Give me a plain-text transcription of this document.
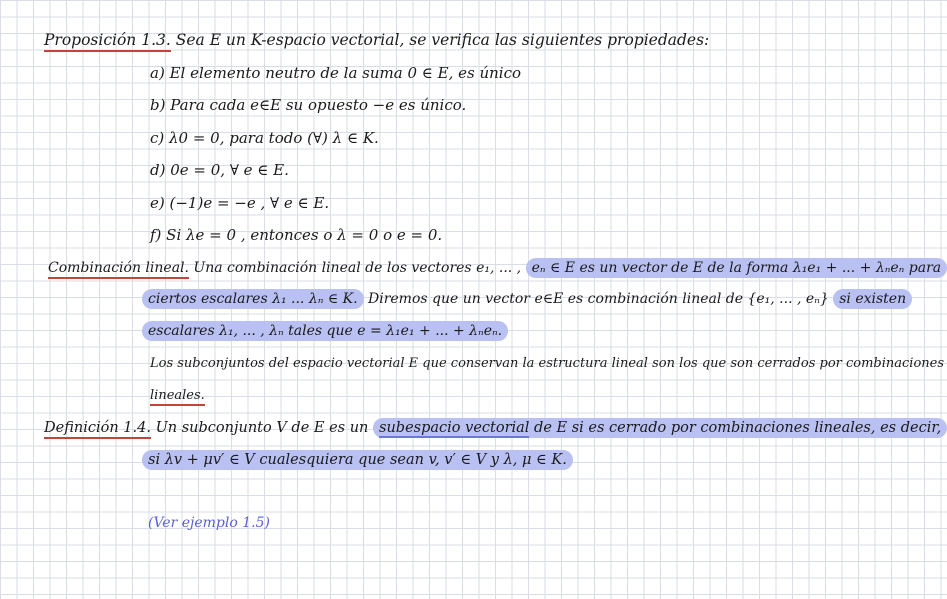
Proposición 1.3. Sea E un K-espacio vectorial, se verifica las siguientes propiedades:
a) El elemento neutro de la suma 0 ∈ E, es único
b) Para cada e∈E su opuesto −e es único.
c) λ0 = 0, para todo (∀) λ ∈ K.
d) 0e = 0, ∀ e ∈ E.
e) (−1)e = −e , ∀ e ∈ E.
f) Si λe = 0 , entonces o λ = 0 o e = 0.
Combinación lineal. Una combinación lineal de los vectores e₁, ... , eₙ ∈ E es un vector de E de la forma λ₁e₁ + ... + λₙeₙ para
ciertos escalares λ₁ ... λₙ ∈ K. Diremos que un vector e∈E es combinación lineal de {e₁, ... , eₙ} si existen
escalares λ₁, ... , λₙ tales que e = λ₁e₁ + ... + λₙeₙ.
Los subconjuntos del espacio vectorial E que conservan la estructura lineal son los que son cerrados por combinaciones
lineales.
Definición 1.4. Un subconjunto V de E es un subespacio vectorial de E si es cerrado por combinaciones lineales, es decir,
si λv + μv′ ∈ V cualesquiera que sean v, v′ ∈ V y λ, μ ∈ K.
(Ver ejemplo 1.5)
